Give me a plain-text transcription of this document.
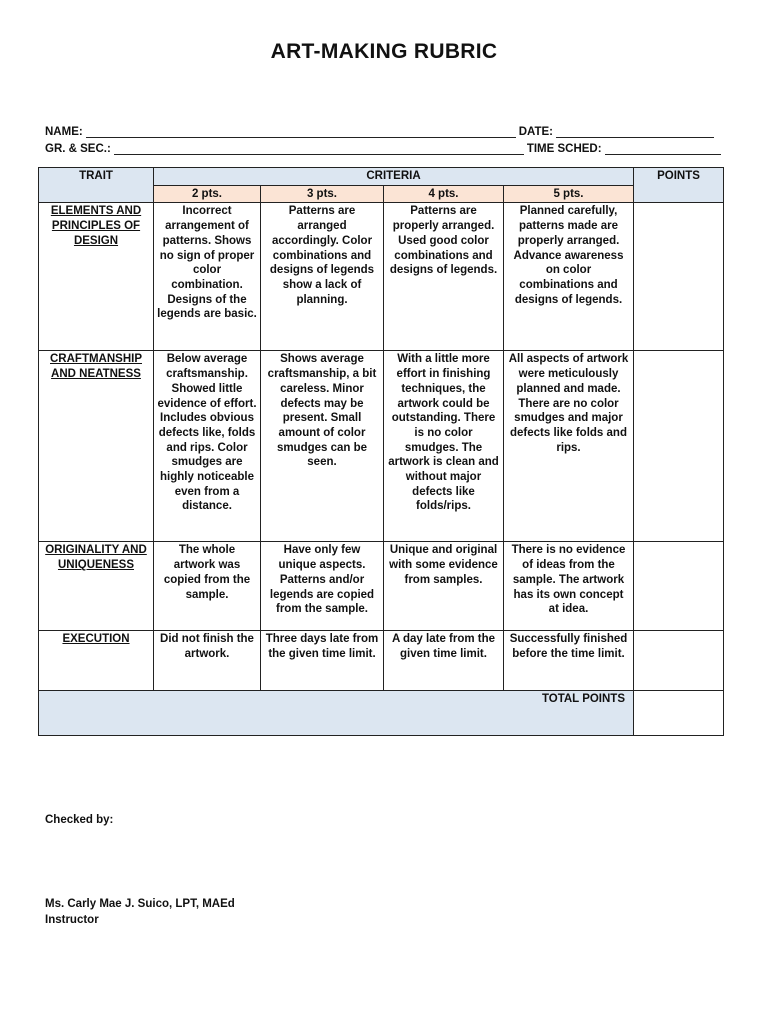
ART-MAKING RUBRIC
NAME:	DATE:
GR. & SEC.:	TIME SCHED:
TRAIT	CRITERIA				POINTS
	2 pts.	3 pts.	4 pts.	5 pts.	
ELEMENTS AND PRINCIPLES OF DESIGN	Incorrect arrangement of patterns. Shows no sign of proper color combination. Designs of the legends are basic.	Patterns are arranged accordingly. Color combinations and designs of legends show a lack of planning.	Patterns are properly arranged. Used good color combinations and designs of legends.	Planned carefully, patterns made are properly arranged. Advance awareness on color combinations and designs of legends.	
CRAFTMANSHIP AND NEATNESS	Below average craftsmanship. Showed little evidence of effort. Includes obvious defects like, folds and rips. Color smudges are highly noticeable even from a distance.	Shows average craftsmanship, a bit careless. Minor defects may be present. Small amount of color smudges can be seen.	With a little more effort in finishing techniques, the artwork could be outstanding. There is no color smudges. The artwork is clean and without major defects like folds/rips.	All aspects of artwork were meticulously planned and made. There are no color smudges and major defects like folds and rips.	
ORIGINALITY AND UNIQUENESS	The whole artwork was copied from the sample.	Have only few unique aspects. Patterns and/or legends are copied from the sample.	Unique and original with some evidence from samples.	There is no evidence of ideas from the sample. The artwork has its own concept at idea.	
EXECUTION	Did not finish the artwork.	Three days late from the given time limit.	A day late from the given time limit.	Successfully finished before the time limit.	
TOTAL POINTS					
Checked by:
Ms. Carly Mae J. Suico, LPT, MAEd
Instructor
